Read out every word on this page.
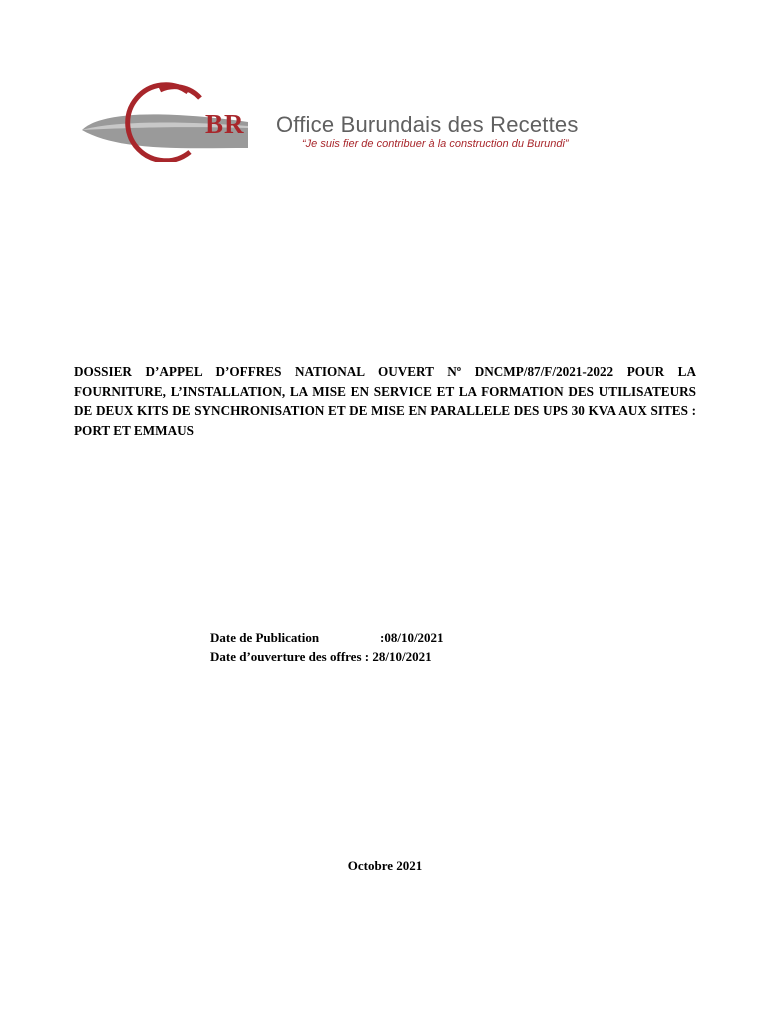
BR Office Burundais des Recettes
“Je suis fier de contribuer à la construction du Burundi”
DOSSIER D’APPEL D’OFFRES NATIONAL OUVERT Nº DNCMP/87/F/2021-2022 POUR LA FOURNITURE, L’INSTALLATION, LA MISE EN SERVICE ET LA FORMATION DES UTILISATEURS DE DEUX KITS DE SYNCHRONISATION ET DE MISE EN PARALLELE DES UPS 30 KVA AUX SITES : PORT ET EMMAUS
Date de Publication	:08/10/2021
Date d’ouverture des offres :
28/10/2021
Octobre 2021
